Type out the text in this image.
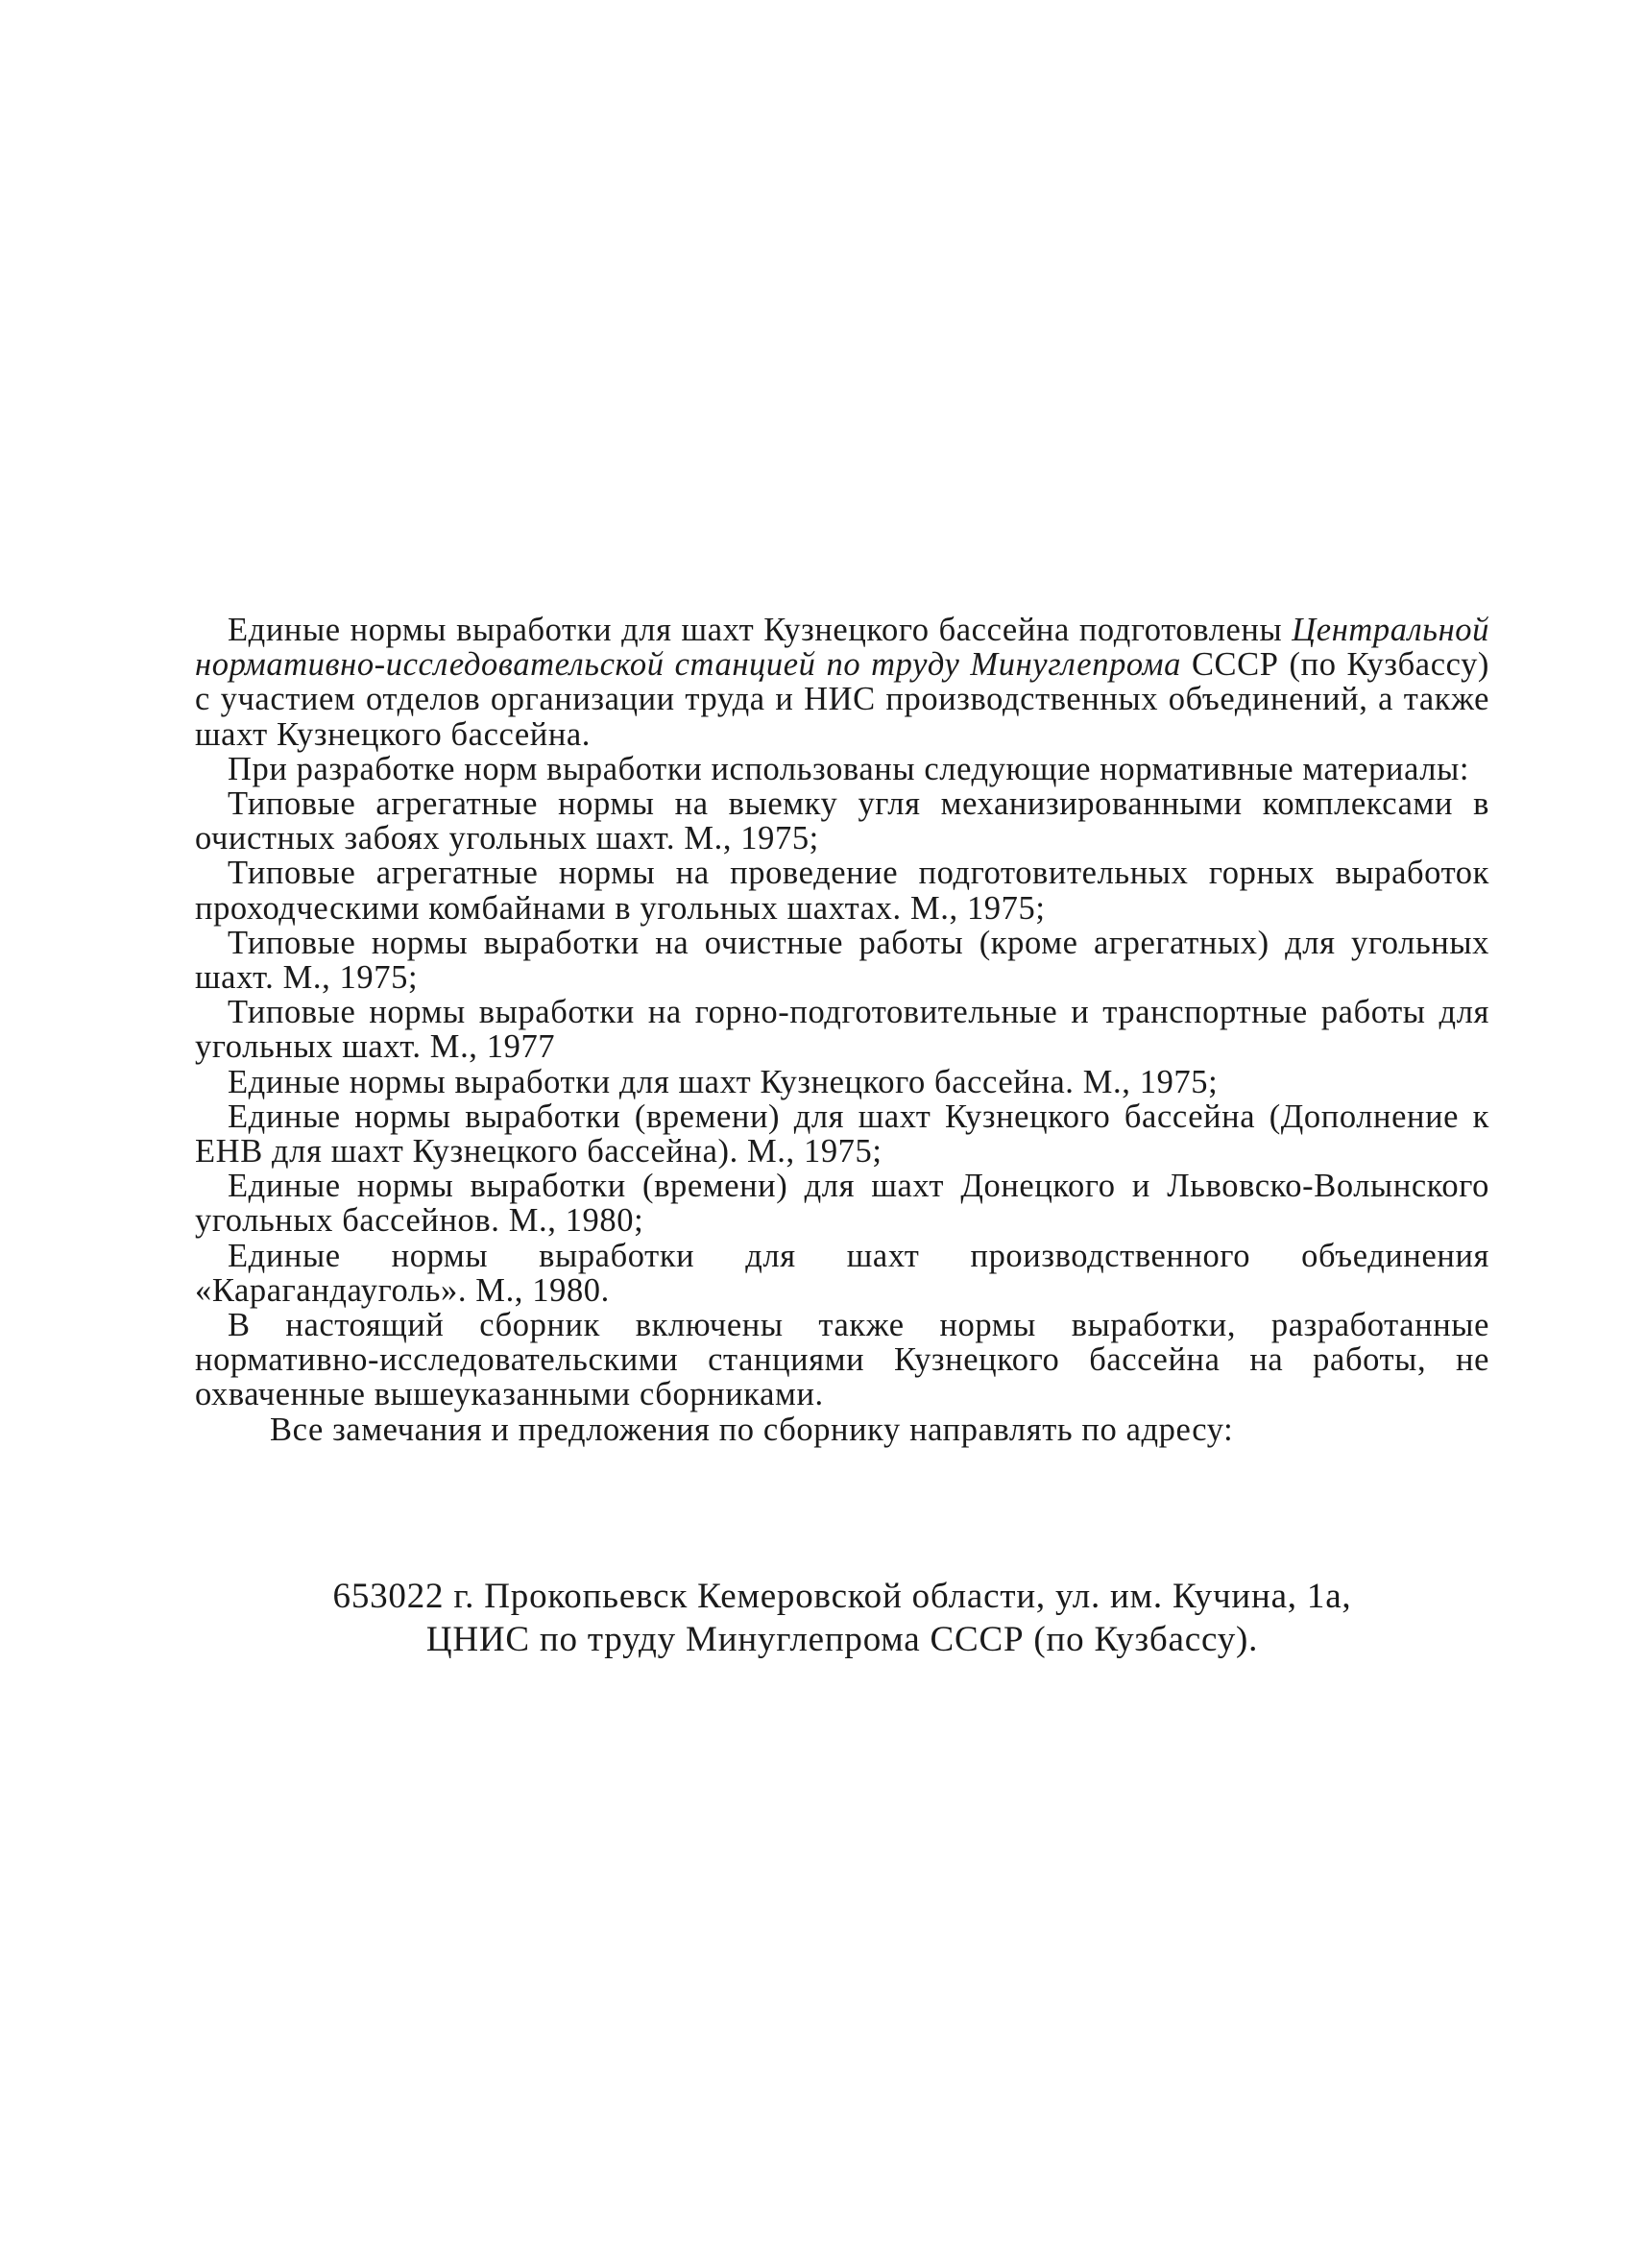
Единые нормы выработки для шахт Кузнецкого бассейна подготовлены Центральной нормативно-исследовательской станцией по труду Минуглепрома СССР (по Кузбассу) с участием отделов организации труда и НИС производственных объединений, а также шахт Кузнецкого бассейна.

При разработке норм выработки использованы следующие нормативные материалы:

Типовые агрегатные нормы на выемку угля механизированными комплексами в очистных забоях угольных шахт. М., 1975;

Типовые агрегатные нормы на проведение подготовительных горных выработок проходческими комбайнами в угольных шахтах. М., 1975;

Типовые нормы выработки на очистные работы (кроме агрегатных) для угольных шахт. М., 1975;

Типовые нормы выработки на горно-подготовительные и транспортные работы для угольных шахт. М., 1977

Единые нормы выработки для шахт Кузнецкого бассейна. М., 1975;

Единые нормы выработки (времени) для шахт Кузнецкого бассейна (Дополнение к ЕНВ для шахт Кузнецкого бассейна). М., 1975;

Единые нормы выработки (времени) для шахт Донецкого и Львовско-Волынского угольных бассейнов. М., 1980;

Единые нормы выработки для шахт производственного объединения «Карагандауголь». М., 1980.

В настоящий сборник включены также нормы выработки, разработанные нормативно-исследовательскими станциями Кузнецкого бассейна на работы, не охваченные вышеуказанными сборниками.

Все замечания и предложения по сборнику направлять по адресу:

653022 г. Прокопьевск Кемеровской области, ул. им. Кучина, 1а,
ЦНИС по труду Минуглепрома СССР (по Кузбассу).
